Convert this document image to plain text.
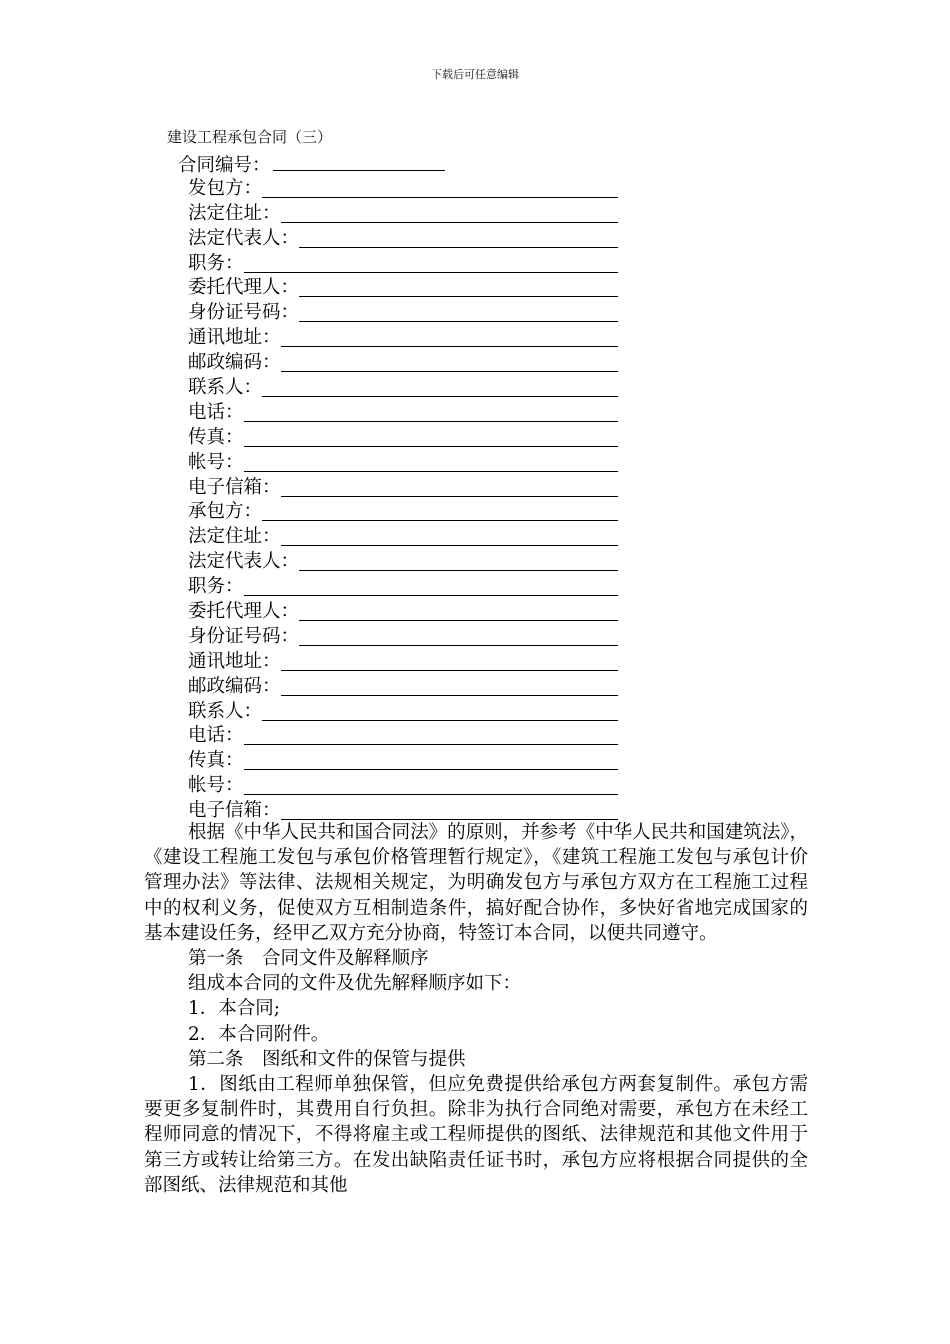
下载后可任意编辑
建设工程承包合同（三）
合同编号：
发包方：
法定住址：
法定代表人：
职务：
委托代理人：
身份证号码：
通讯地址：
邮政编码：
联系人：
电话：
传真：
帐号：
电子信箱：
承包方：
法定住址：
法定代表人：
职务：
委托代理人：
身份证号码：
通讯地址：
邮政编码：
联系人：
电话：
传真：
帐号：
电子信箱：

根据《中华人民共和国合同法》的原则，并参考《中华人民共和国建筑法》，《建设工程施工发包与承包价格管理暂行规定》，《建筑工程施工发包与承包计价管理办法》等法律、法规相关规定，为明确发包方与承包方双方在工程施工过程中的权利义务，促使双方互相制造条件，搞好配合协作，多快好省地完成国家的基本建设任务，经甲乙双方充分协商，特签订本合同，以便共同遵守。

第一条　合同文件及解释顺序

组成本合同的文件及优先解释顺序如下：

1．本合同;

2．本合同附件。

第二条　图纸和文件的保管与提供

1．图纸由工程师单独保管，但应免费提供给承包方两套复制件。承包方需要更多复制件时，其费用自行负担。除非为执行合同绝对需要，承包方在未经工程师同意的情况下，不得将雇主或工程师提供的图纸、法律规范和其他文件用于第三方或转让给第三方。在发出缺陷责任证书时，承包方应将根据合同提供的全部图纸、法律规范和其他
